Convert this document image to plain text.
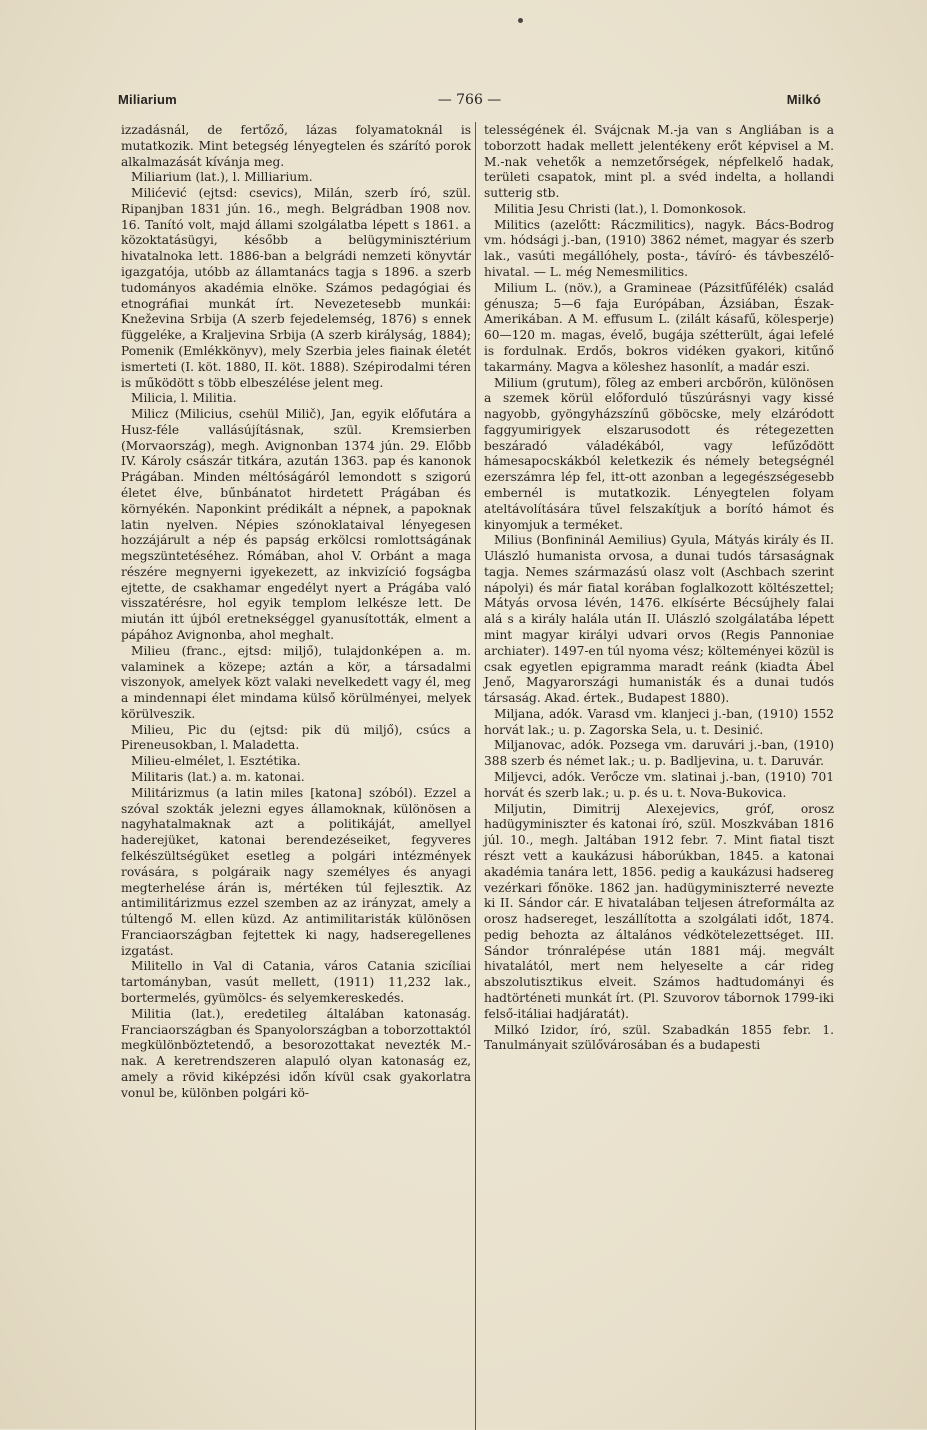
Miliarium	— 766 —	Milkó

izzadásnál, de fertőző, lázas folyamatoknál is mutatkozik. Mint betegség lényegtelen és szárító porok alkalmazását kívánja meg.

Miliarium (lat.), l. Milliarium.

Milićević (ejtsd: csevics), Milán, szerb író, szül. Ripanjban 1831 jún. 16., megh. Belgrádban 1908 nov. 16. Tanító volt, majd állami szolgálatba lépett s 1861. a közoktatásügyi, később a belügyminisztérium hivatalnoka lett. 1886-ban a belgrádi nemzeti könyvtár igazgatója, utóbb az államtanács tagja s 1896. a szerb tudományos akadémia elnöke. Számos pedagógiai és etnográfiai munkát írt. Nevezetesebb munkái: Kneževina Srbija (A szerb fejedelemség, 1876) s ennek függeléke, a Kraljevina Srbija (A szerb királyság, 1884); Pomenik (Emlékkönyv), mely Szerbia jeles fiainak életét ismerteti (I. köt. 1880, II. köt. 1888). Szépirodalmi téren is működött s több elbeszélése jelent meg.

Milicia, l. Militia.

Milicz (Milicius, csehül Milič), Jan, egyik előfutára a Husz-féle vallásújításnak, szül. Kremsierben (Morvaország), megh. Avignonban 1374 jún. 29. Előbb IV. Károly császár titkára, azután 1363. pap és kanonok Prágában. Minden méltóságáról lemondott s szigorú életet élve, bűnbánatot hirdetett Prágában és környékén. Naponkint prédikált a népnek, a papoknak latin nyelven. Népies szónoklataival lényegesen hozzájárult a nép és papság erkölcsi romlottságának megszüntetéséhez. Rómában, ahol V. Orbánt a maga részére megnyerni igyekezett, az inkvizíció fogságba ejtette, de csakhamar engedélyt nyert a Prágába való visszatérésre, hol egyik templom lelkésze lett. De miután itt újból eretnekséggel gyanusították, elment a pápához Avignonba, ahol meghalt.

Milieu (franc., ejtsd: miljő), tulajdonképen a. m. valaminek a közepe; aztán a kör, a társadalmi viszonyok, amelyek közt valaki nevelkedett vagy él, meg a mindennapi élet mindama külső körülményei, melyek körülveszik.

Milieu, Pic du (ejtsd: pik dü miljő), csúcs a Pireneusokban, l. Maladetta.

Milieu-elmélet, l. Esztétika.

Militaris (lat.) a. m. katonai.

Militárizmus (a latin miles [katona] szóból). Ezzel a szóval szokták jelezni egyes államoknak, különösen a nagyhatalmaknak azt a politikáját, amellyel haderejüket, katonai berendezéseiket, fegyveres felkészültségüket esetleg a polgári intézmények rovására, s polgáraik nagy személyes és anyagi megterhelése árán is, mértéken túl fejlesztik. Az antimilitárizmus ezzel szemben az az irányzat, amely a túltengő M. ellen küzd. Az antimilitaristák különösen Franciaországban fejtettek ki nagy, hadseregellenes izgatást.

Militello in Val di Catania, város Catania szicíliai tartományban, vasút mellett, (1911) 11,232 lak., bortermelés, gyümölcs- és selyemkereskedés.

Militia (lat.), eredetileg általában katonaság. Franciaországban és Spanyolországban a toborzottaktól megkülönböztetendő, a besorozottakat nevezték M.-nak. A keretrendszeren alapuló olyan katonaság ez, amely a rövid kiképzési időn kívül csak gyakorlatra vonul be, különben polgári kö-

telességének él. Svájcnak M.-ja van s Angliában is a toborzott hadak mellett jelentékeny erőt képvisel a M. M.-nak vehetők a nemzetőrségek, népfelkelő hadak, területi csapatok, mint pl. a svéd indelta, a hollandi sutterig stb.

Militia Jesu Christi (lat.), l. Domonkosok.

Militics (azelőtt: Ráczmilitics), nagyk. Bács-Bodrog vm. hódsági j.-ban, (1910) 3862 német, magyar és szerb lak., vasúti megállóhely, posta-, távíró- és távbeszélő-hivatal. — L. még Nemesmilitics.

Milium L. (növ.), a Gramineae (Pázsitfűfélék) család génusza; 5—6 faja Európában, Ázsiában, Észak-Amerikában. A M. effusum L. (zilált kásafű, kölesperje) 60—120 m. magas, évelő, bugája szétterült, ágai lefelé is fordulnak. Erdős, bokros vidéken gyakori, kitűnő takarmány. Magva a köleshez hasonlít, a madár eszi.

Milium (grutum), fõleg az emberi arcbőrön, különösen a szemek körül előforduló tűszúrásnyi vagy kissé nagyobb, gyöngyházszínű göböcske, mely elzáródott faggyumirigyek elszarusodott és rétegezetten beszáradó váladékából, vagy lefűződött hámesapocskákból keletkezik és némely betegségnél ezerszámra lép fel, itt-ott azonban a legegészségesebb embernél is mutatkozik. Lényegtelen folyam ateltávolítására tűvel felszakítjuk a borító hámot és kinyomjuk a terméket.

Milius (Bonfininál Aemilius) Gyula, Mátyás király és II. Ulászló humanista orvosa, a dunai tudós társaságnak tagja. Nemes származású olasz volt (Aschbach szerint nápolyi) és már fiatal korában foglalkozott költészettel; Mátyás orvosa lévén, 1476. elkísérte Bécsújhely falai alá s a király halála után II. Ulászló szolgálatába lépett mint magyar királyi udvari orvos (Regis Pannoniae archiater). 1497-en túl nyoma vész; költeményei közül is csak egyetlen epigramma maradt reánk (kiadta Ábel Jenő, Magyarországi humanisták és a dunai tudós társaság. Akad. értek., Budapest 1880).

Miljana, adók. Varasd vm. klanjeci j.-ban, (1910) 1552 horvát lak.; u. p. Zagorska Sela, u. t. Desinić.

Miljanovac, adók. Pozsega vm. daruvári j.-ban, (1910) 388 szerb és német lak.; u. p. Badljevina, u. t. Daruvár.

Miljevci, adók. Verőcze vm. slatinai j.-ban, (1910) 701 horvát és szerb lak.; u. p. és u. t. Nova-Bukovica.

Miljutin, Dimitrij Alexejevics, gróf, orosz hadügyminiszter és katonai író, szül. Moszkvában 1816 júl. 10., megh. Jaltában 1912 febr. 7. Mint fiatal tiszt részt vett a kaukázusi háborúkban, 1845. a katonai akadémia tanára lett, 1856. pedig a kaukázusi hadsereg vezérkari főnöke. 1862 jan. hadügyminiszterré nevezte ki II. Sándor cár. E hivatalában teljesen átreformálta az orosz hadsereget, leszállította a szolgálati időt, 1874. pedig behozta az általános védkötelezettséget. III. Sándor trónralépése után 1881 máj. megvált hivatalától, mert nem helyeselte a cár rideg abszolutisztikus elveit. Számos hadtudományi és hadtörténeti munkát írt. (Pl. Szuvorov tábornok 1799-iki felső-itáliai hadjáratát).

Milkó Izidor, író, szül. Szabadkán 1855 febr. 1. Tanulmányait szülővárosában és a budapesti
